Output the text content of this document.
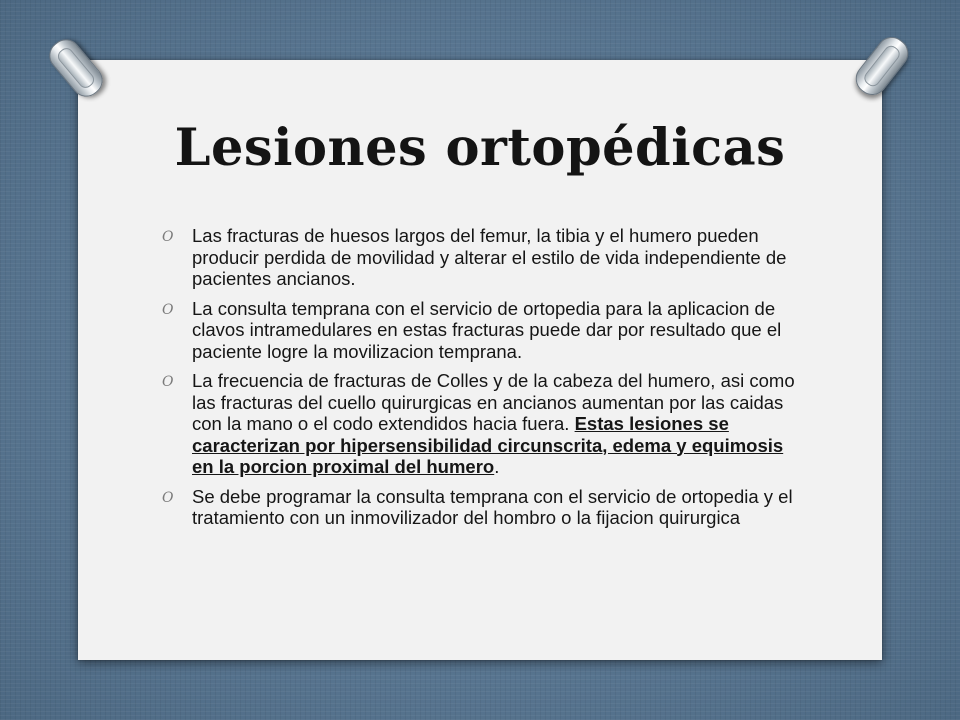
Lesiones ortopédicas
O Las fracturas de huesos largos del femur, la tibia y el humero pueden producir perdida de movilidad y alterar el estilo de vida independiente de pacientes ancianos.
O La consulta temprana con el servicio de ortopedia para la aplicacion de clavos intramedulares en estas fracturas puede dar por resultado que el paciente logre la movilizacion temprana.
O La frecuencia de fracturas de Colles y de la cabeza del humero, asi como las fracturas del cuello quirurgicas en ancianos aumentan por las caidas con la mano o el codo extendidos hacia fuera. Estas lesiones se caracterizan por hipersensibilidad circunscrita, edema y equimosis en la porcion proximal del humero.
O Se debe programar la consulta temprana con el servicio de ortopedia y el tratamiento con un inmovilizador del hombro o la fijacion quirurgica
